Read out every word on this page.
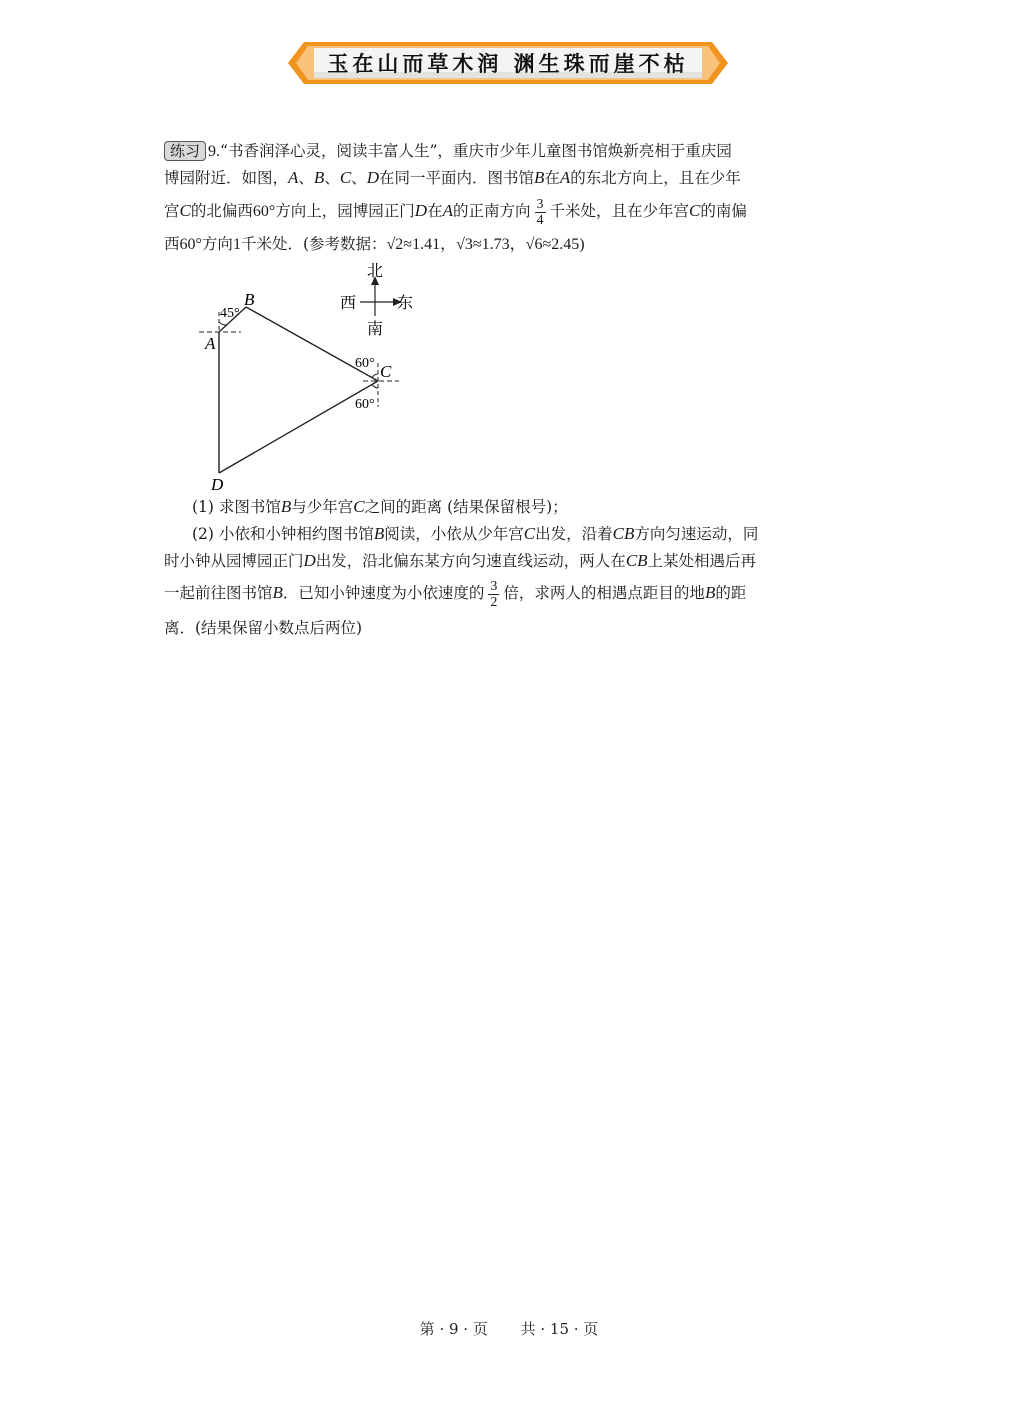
玉在山而草木润 渊生珠而崖不枯
练习 9.“书香润泽心灵，阅读丰富人生”，重庆市少年儿童图书馆焕新亮相于重庆园
博园附近．如图，A、B、C、D在同一平面内．图书馆B在A的东北方向上，且在少年
宫C的北偏西60°方向上，园博园正门D在A的正南方向 $\frac{3}{4}$ 千米处，且在少年宫C的南偏
西60°方向1千米处．(参考数据：√2≈1.41，√3≈1.73，√6≈2.45)
B
A
C
D
45°
60°
60°
北
南
西	东
(1) 求图书馆B与少年宫C之间的距离 (结果保留根号)；
(2) 小依和小钟相约图书馆B阅读，小依从少年宫C出发，沿着CB方向匀速运动，同
时小钟从园博园正门D出发，沿北偏东某方向匀速直线运动，两人在CB上某处相遇后再
一起前往图书馆B．已知小钟速度为小依速度的 $\frac{3}{2}$ 倍，求两人的相遇点距目的地B的距
离．(结果保留小数点后两位)
第 · 9 · 页 共 · 15 · 页
